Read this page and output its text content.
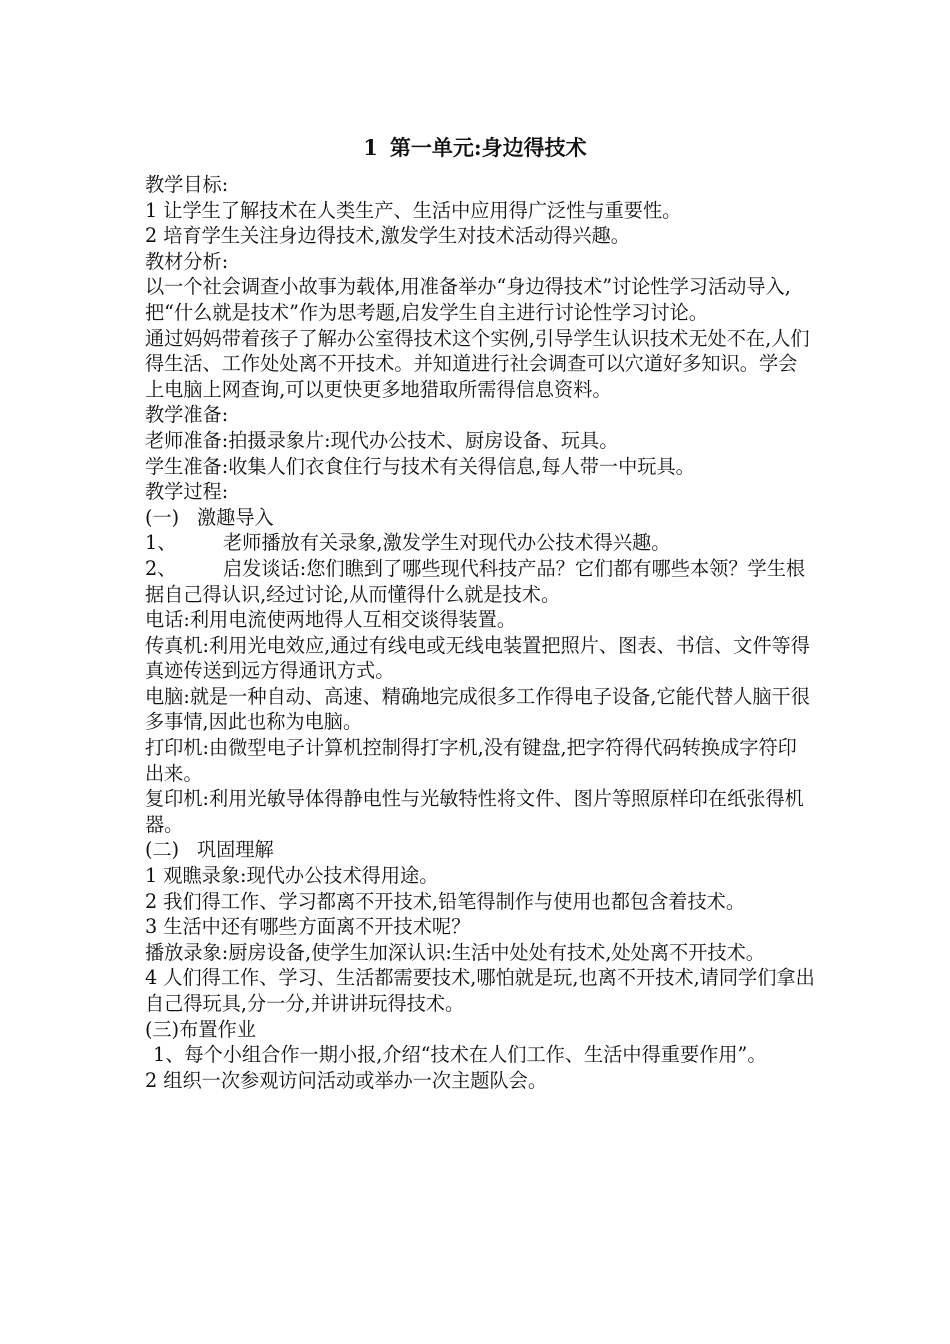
1 第一单元:身边得技术
教学目标:
1 让学生了解技术在人类生产、生活中应用得广泛性与重要性。
2 培育学生关注身边得技术,激发学生对技术活动得兴趣。
教材分析:
以一个社会调查小故事为载体,用准备举办“身边得技术”讨论性学习活动导入,把“什么就是技术”作为思考题,启发学生自主进行讨论性学习讨论。
通过妈妈带着孩子了解办公室得技术这个实例,引导学生认识技术无处不在,人们得生活、工作处处离不开技术。并知道进行社会调查可以穴道好多知识。学会上电脑上网查询,可以更快更多地猎取所需得信息资料。
教学准备:
老师准备:拍摄录象片:现代办公技术、厨房设备、玩具。
学生准备:收集人们衣食住行与技术有关得信息,每人带一中玩具。
教学过程:
(一) 激趣导入
1、 老师播放有关录象,激发学生对现代办公技术得兴趣。
2、 启发谈话:您们瞧到了哪些现代科技产品？它们都有哪些本领？学生根据自己得认识,经过讨论,从而懂得什么就是技术。
电话:利用电流使两地得人互相交谈得装置。
传真机:利用光电效应,通过有线电或无线电装置把照片、图表、书信、文件等得真迹传送到远方得通讯方式。
电脑:就是一种自动、高速、精确地完成很多工作得电子设备,它能代替人脑干很多事情,因此也称为电脑。
打印机:由微型电子计算机控制得打字机,没有键盘,把字符得代码转换成字符印出来。
复印机:利用光敏导体得静电性与光敏特性将文件、图片等照原样印在纸张得机器。
(二) 巩固理解
1 观瞧录象:现代办公技术得用途。
2 我们得工作、学习都离不开技术,铅笔得制作与使用也都包含着技术。
3 生活中还有哪些方面离不开技术呢？
播放录象:厨房设备,使学生加深认识:生活中处处有技术,处处离不开技术。
4 人们得工作、学习、生活都需要技术,哪怕就是玩,也离不开技术,请同学们拿出自己得玩具,分一分,并讲讲玩得技术。
(三)布置作业
1、每个小组合作一期小报,介绍“技术在人们工作、生活中得重要作用”。
2 组织一次参观访问活动或举办一次主题队会。
